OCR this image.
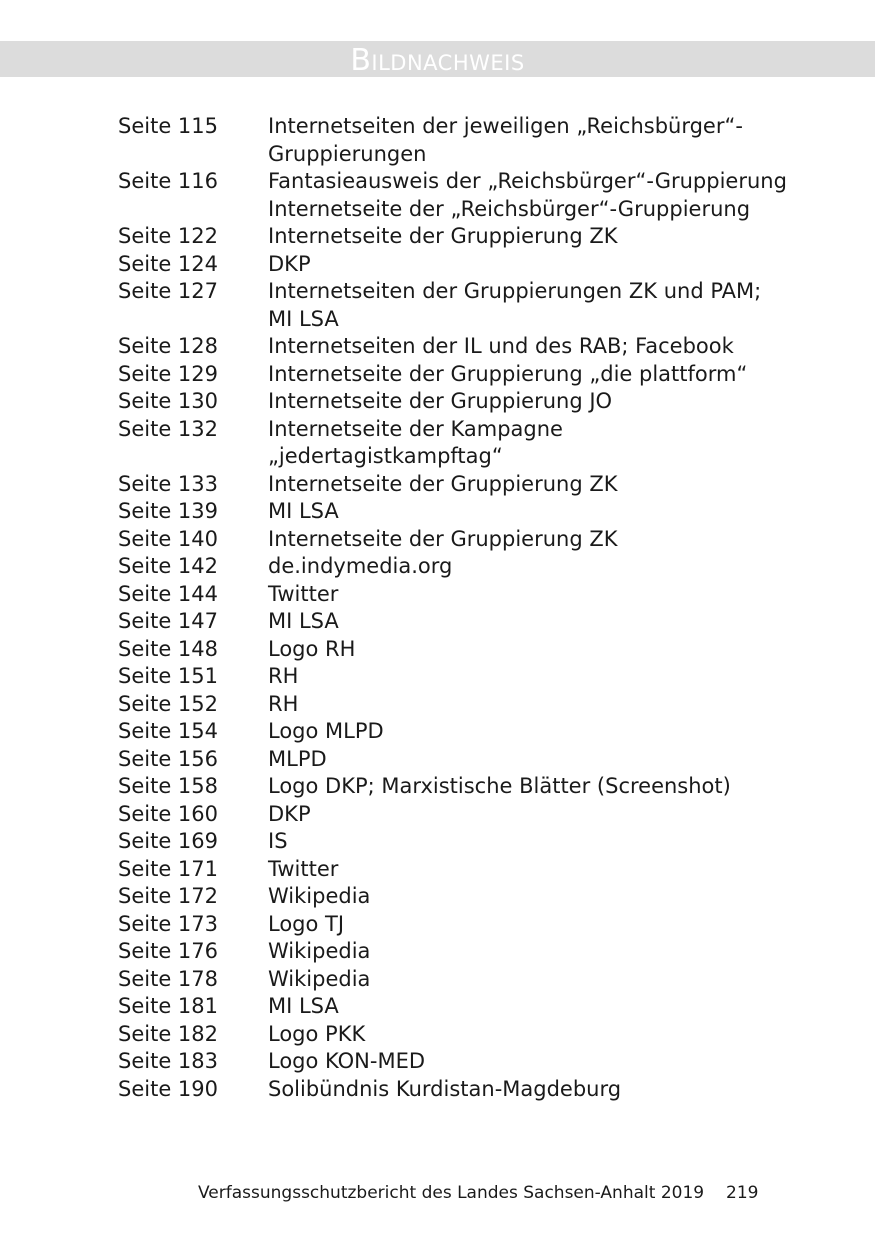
Bildnachweis
Seite 115	Internetseiten der jeweiligen „Reichsbürger“-
Gruppierungen
Seite 116	Fantasieausweis der „Reichsbürger“-Gruppierung
Internetseite der „Reichsbürger“-Gruppierung
Seite 122	Internetseite der Gruppierung ZK
Seite 124	DKP
Seite 127	Internetseiten der Gruppierungen ZK und PAM;
MI LSA
Seite 128	Internetseiten der IL und des RAB; Facebook
Seite 129	Internetseite der Gruppierung „die plattform“
Seite 130	Internetseite der Gruppierung JO
Seite 132	Internetseite der Kampagne
„jedertagistkampftag“
Seite 133	Internetseite der Gruppierung ZK
Seite 139	MI LSA
Seite 140	Internetseite der Gruppierung ZK
Seite 142	de.indymedia.org
Seite 144	Twitter
Seite 147	MI LSA
Seite 148	Logo RH
Seite 151	RH
Seite 152	RH
Seite 154	Logo MLPD
Seite 156	MLPD
Seite 158	Logo DKP; Marxistische Blätter (Screenshot)
Seite 160	DKP
Seite 169	IS
Seite 171	Twitter
Seite 172	Wikipedia
Seite 173	Logo TJ
Seite 176	Wikipedia
Seite 178	Wikipedia
Seite 181	MI LSA
Seite 182	Logo PKK
Seite 183	Logo KON-MED
Seite 190	Solibündnis Kurdistan-Magdeburg
Verfassungsschutzbericht des Landes Sachsen-Anhalt 2019 219
